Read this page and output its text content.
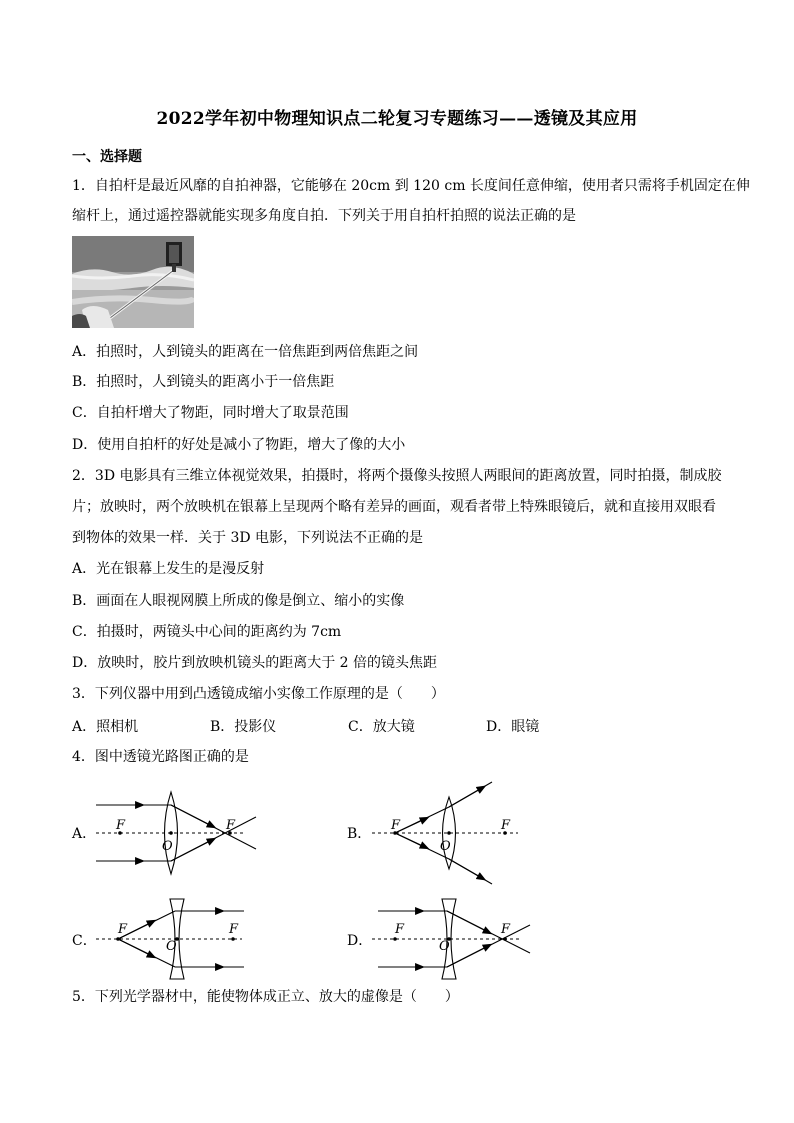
2022学年初中物理知识点二轮复习专题练习——透镜及其应用
一、选择题
1．自拍杆是最近风靡的自拍神器，它能够在 20cm 到 120 cm 长度间任意伸缩，使用者只需将手机固定在伸
缩杆上，通过遥控器就能实现多角度自拍．下列关于用自拍杆拍照的说法正确的是
A．拍照时，人到镜头的距离在一倍焦距到两倍焦距之间
B．拍照时，人到镜头的距离小于一倍焦距
C．自拍杆增大了物距，同时增大了取景范围
D．使用自拍杆的好处是减小了物距，增大了像的大小
2．3D 电影具有三维立体视觉效果，拍摄时，将两个摄像头按照人两眼间的距离放置，同时拍摄，制成胶
片；放映时，两个放映机在银幕上呈现两个略有差异的画面，观看者带上特殊眼镜后，就和直接用双眼看
到物体的效果一样．关于 3D 电影，下列说法不正确的是
A．光在银幕上发生的是漫反射
B．画面在人眼视网膜上所成的像是倒立、缩小的实像
C．拍摄时，两镜头中心间的距离约为 7cm
D．放映时，胶片到放映机镜头的距离大于 2 倍的镜头焦距
3．下列仪器中用到凸透镜成缩小实像工作原理的是（　　）
A．照相机	B．投影仪	C．放大镜	D．眼镜
4．图中透镜光路图正确的是
A．	B．
C．	D．
F
O
F	F
O
F
F
O
F	F
O
F
5．下列光学器材中，能使物体成正立、放大的虚像是（　　）
